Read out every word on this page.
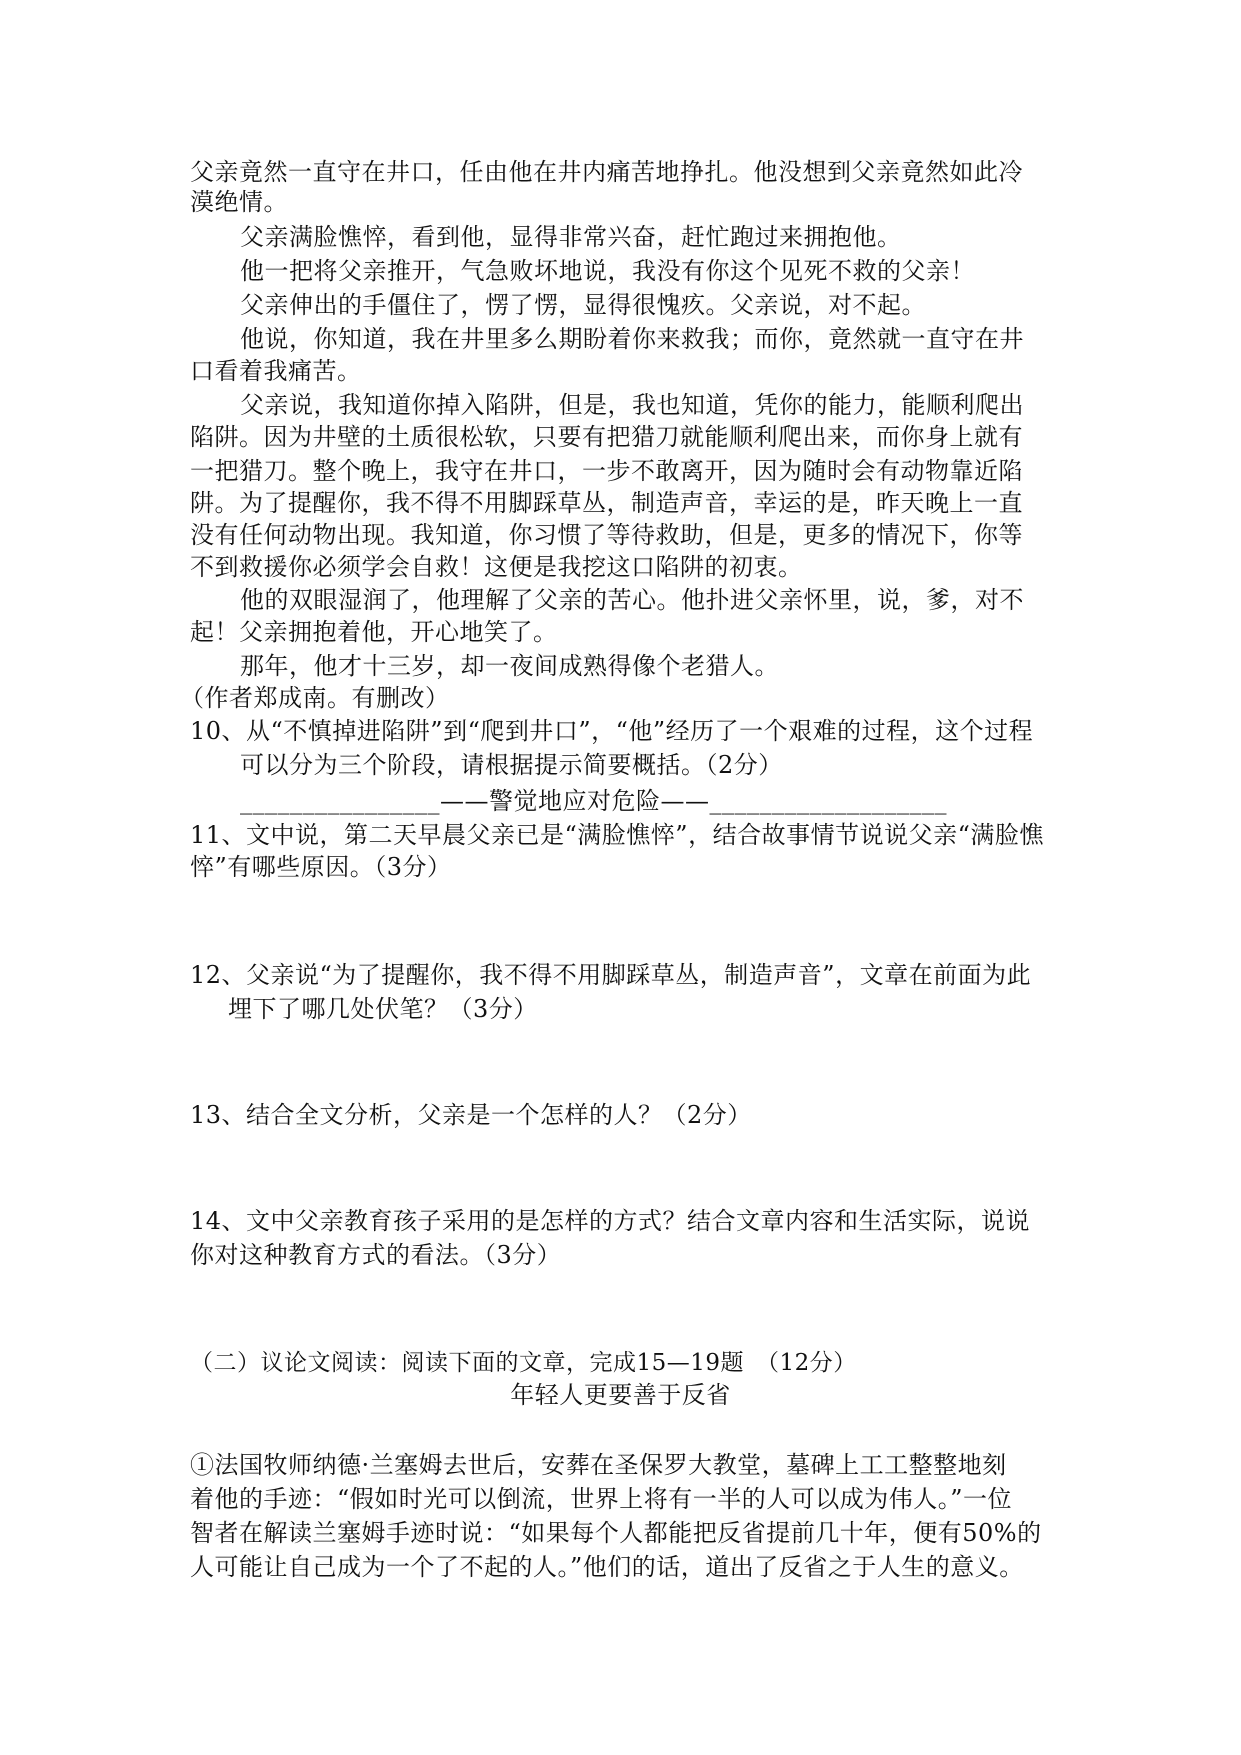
父亲竟然一直守在井口，任由他在井内痛苦地挣扎。他没想到父亲竟然如此冷
漠绝情。
父亲满脸憔悴，看到他，显得非常兴奋，赶忙跑过来拥抱他。
他一把将父亲推开，气急败坏地说，我没有你这个见死不救的父亲！
父亲伸出的手僵住了，愣了愣，显得很愧疚。父亲说，对不起。
他说，你知道，我在井里多么期盼着你来救我；而你，竟然就一直守在井
口看着我痛苦。
父亲说，我知道你掉入陷阱，但是，我也知道，凭你的能力，能顺利爬出
陷阱。因为井壁的土质很松软，只要有把猎刀就能顺利爬出来，而你身上就有
一把猎刀。整个晚上，我守在井口，一步不敢离开，因为随时会有动物靠近陷
阱。为了提醒你，我不得不用脚踩草丛，制造声音，幸运的是，昨天晚上一直
没有任何动物出现。我知道，你习惯了等待救助，但是，更多的情况下，你等
不到救援你必须学会自救！这便是我挖这口陷阱的初衷。
他的双眼湿润了，他理解了父亲的苦心。他扑进父亲怀里，说，爹，对不
起！父亲拥抱着他，开心地笑了。
那年，他才十三岁，却一夜间成熟得像个老猎人。
（作者郑成南。有删改）
10、从“不慎掉进陷阱”到“爬到井口”，“他”经历了一个艰难的过程，这个过程
可以分为三个阶段，请根据提示简要概括。（2分）
________________——警觉地应对危险——___________________
11、文中说，第二天早晨父亲已是“满脸憔悴”，结合故事情节说说父亲“满脸憔
悴”有哪些原因。（3分）
12、父亲说“为了提醒你，我不得不用脚踩草丛，制造声音”，文章在前面为此
埋下了哪几处伏笔？（3分）
13、结合全文分析，父亲是一个怎样的人？（2分）
14、文中父亲教育孩子采用的是怎样的方式？结合文章内容和生活实际，说说
你对这种教育方式的看法。（3分）
（二）议论文阅读：阅读下面的文章，完成15—19题　（12分）
年轻人更要善于反省
①法国牧师纳德·兰塞姆去世后，安葬在圣保罗大教堂，墓碑上工工整整地刻
着他的手迹：“假如时光可以倒流，世界上将有一半的人可以成为伟人。”一位
智者在解读兰塞姆手迹时说：“如果每个人都能把反省提前几十年，便有50%的
人可能让自己成为一个了不起的人。”他们的话，道出了反省之于人生的意义。
